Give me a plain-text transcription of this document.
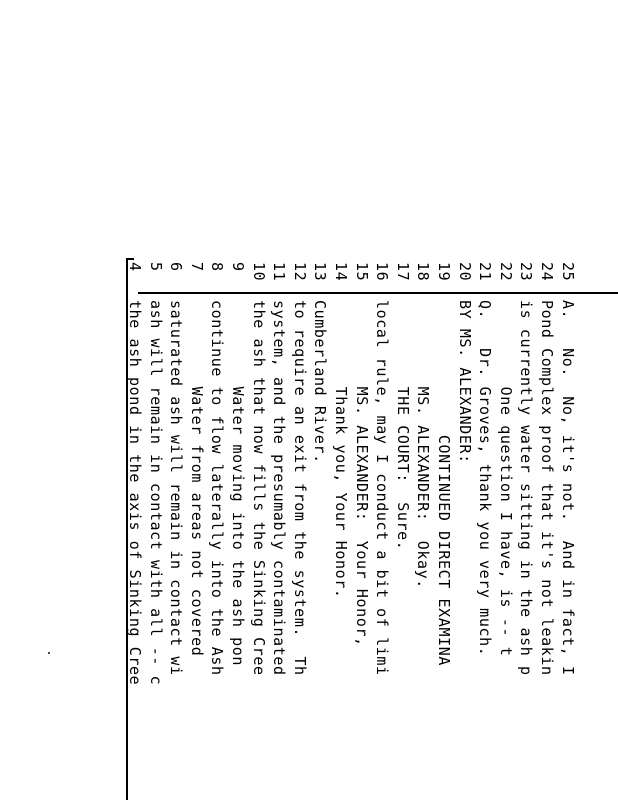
4
the ash pond in the axis of Sinking Cree
5
ash will remain in contact with all -- c
6
saturated ash will remain in contact wi
7
Water from areas not covered
8
continue to flow laterally into the Ash
9
Water moving into the ash pon
10
the ash that now fills the Sinking Cree
11
system, and the presumably contaminated
12
to require an exit from the system.  Th
13
Cumberland River.
14
Thank you, Your Honor.
15
MS. ALEXANDER:  Your Honor,
16
local rule, may I conduct a bit of limi
17
THE COURT:  Sure.
18
MS. ALEXANDER:  Okay.
19
CONTINUED DIRECT EXAMINA
20
BY MS. ALEXANDER:
21
Q.   Dr. Groves, thank you very much.
22
One question I have, is -- t
23
is currently water sitting in the ash p
24
Pond Complex proof that it's not leakin
25
A.   No.  No, it's not.  And in fact, I
